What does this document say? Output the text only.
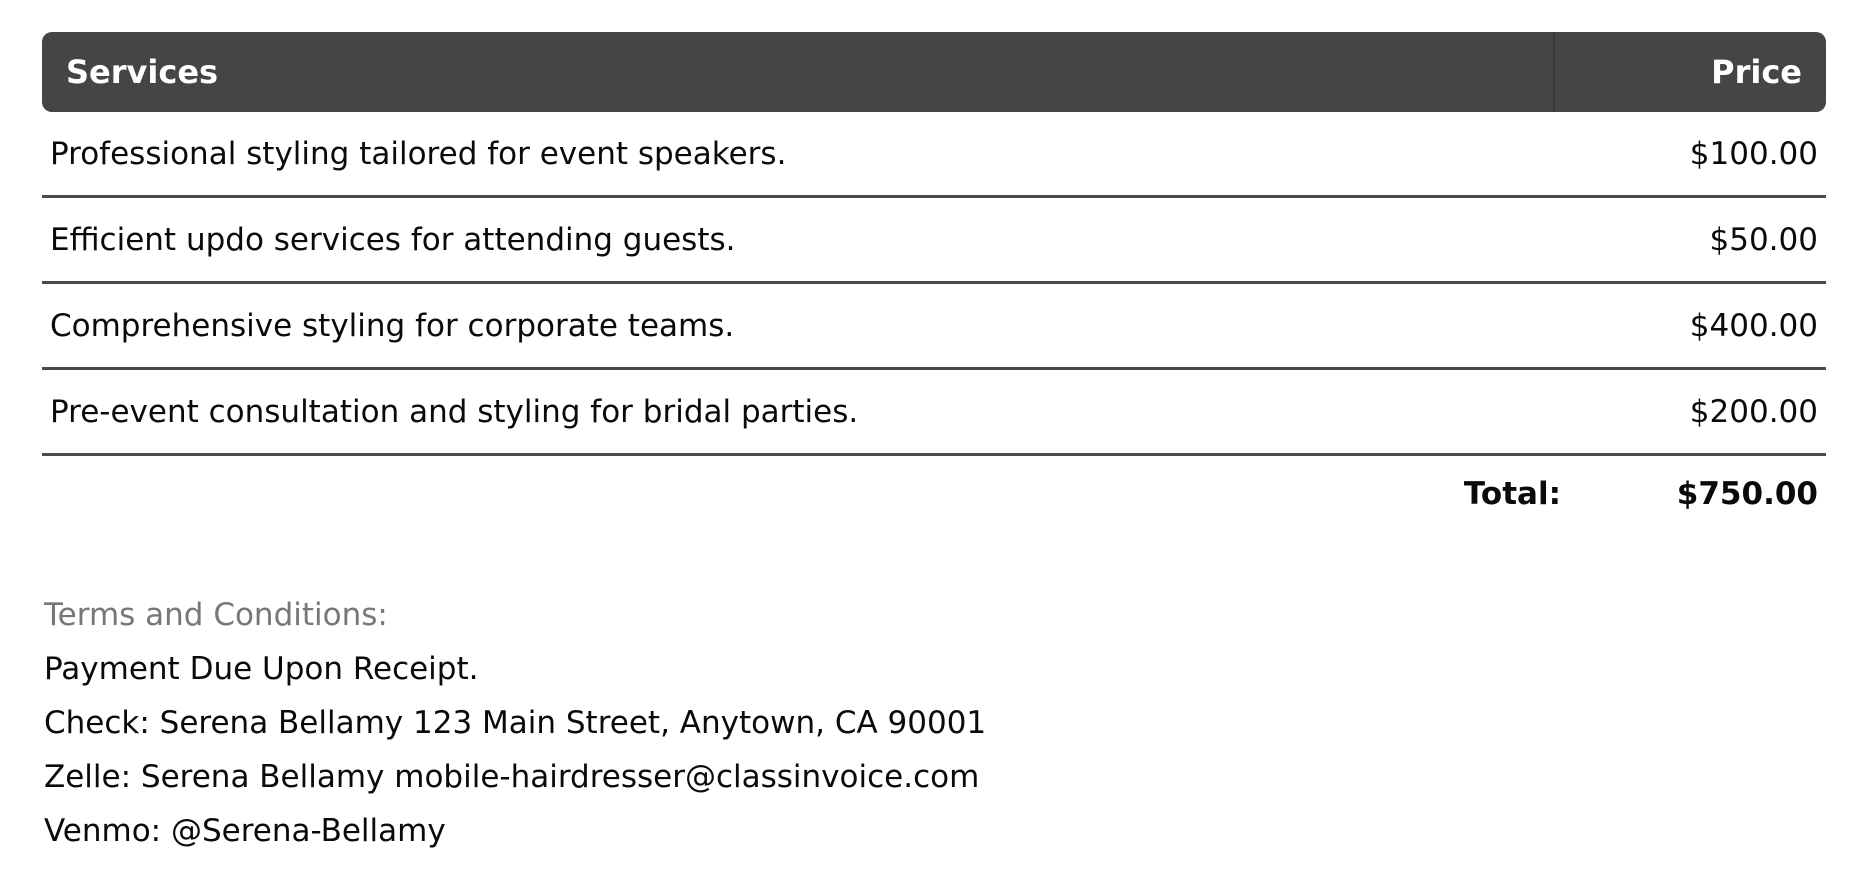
Services	Price
Professional styling tailored for event speakers.	$100.00
Efficient updo services for attending guests.	$50.00
Comprehensive styling for corporate teams.	$400.00
Pre-event consultation and styling for bridal parties.	$200.00
Total:	$750.00
Terms and Conditions:
Payment Due Upon Receipt.
Check: Serena Bellamy 123 Main Street, Anytown, CA 90001
Zelle: Serena Bellamy mobile-hairdresser@classinvoice.com
Venmo: @Serena-Bellamy
